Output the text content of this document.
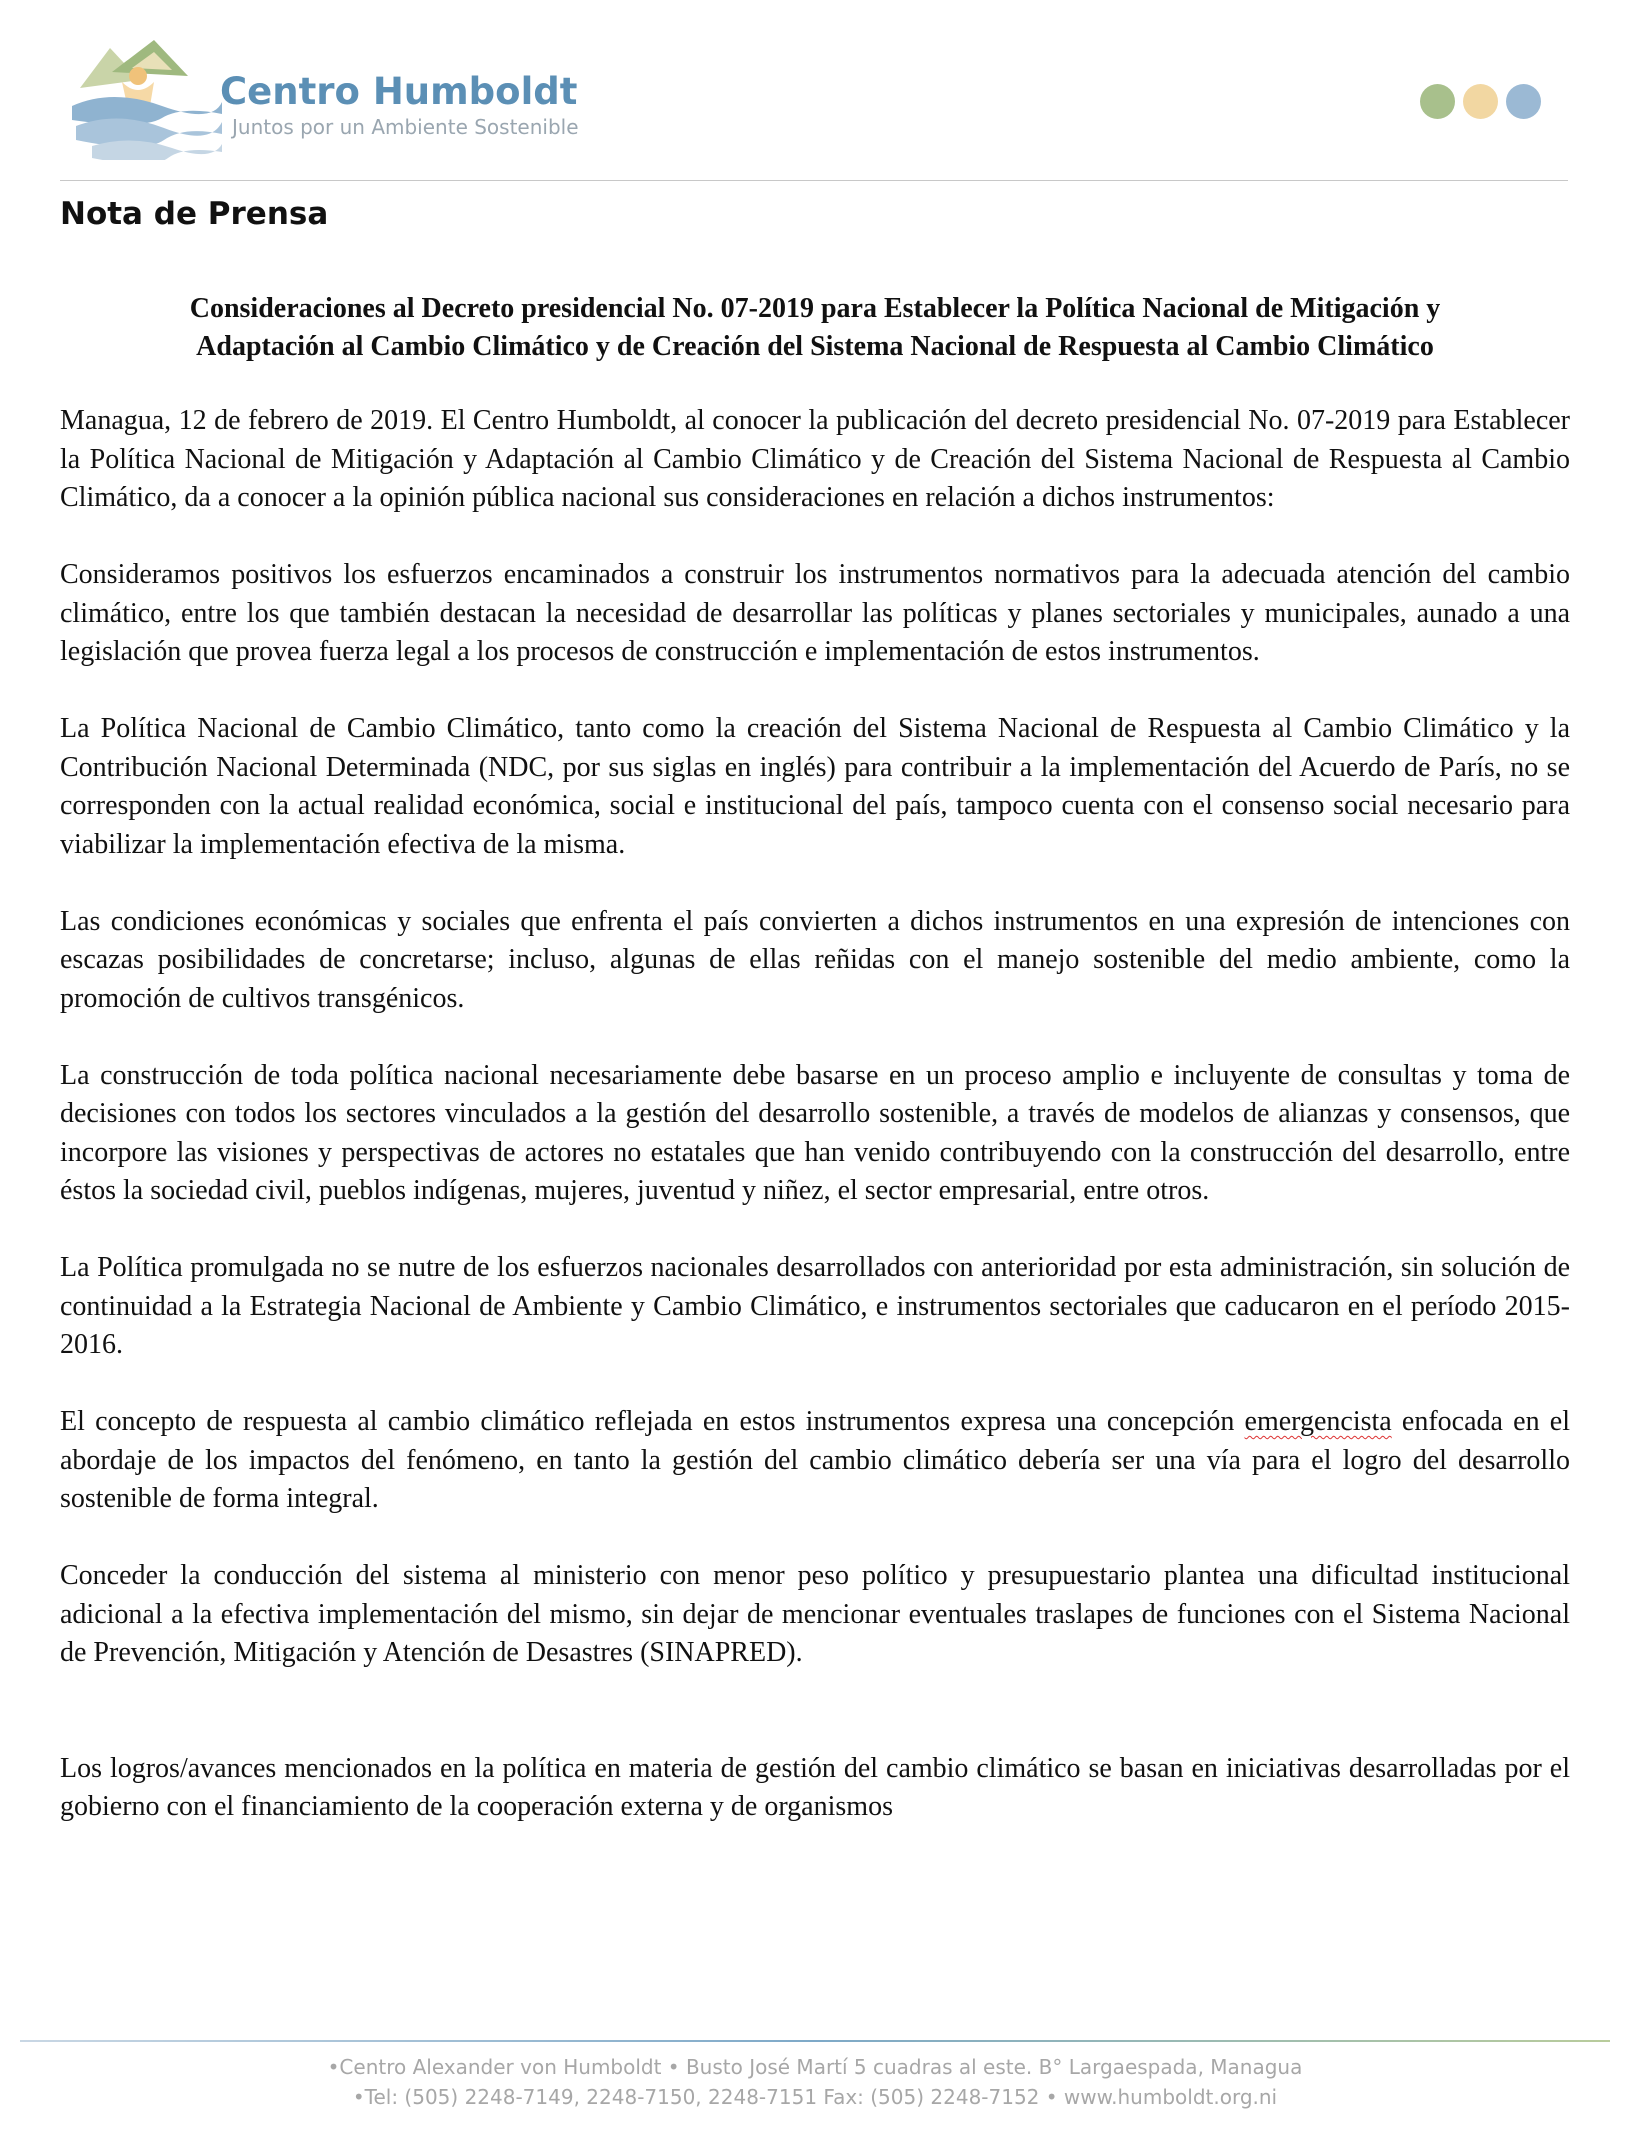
Centro Humboldt
Juntos por un Ambiente Sostenible
Nota de Prensa
Consideraciones al Decreto presidencial No. 07-2019 para Establecer la Política Nacional de Mitigación y
Adaptación al Cambio Climático y de Creación del Sistema Nacional de Respuesta al Cambio Climático

Managua, 12 de febrero de 2019. El Centro Humboldt, al conocer la publicación del decreto presidencial No. 07-2019 para Establecer la Política Nacional de Mitigación y Adaptación al Cambio Climático y de Creación del Sistema Nacional de Respuesta al Cambio Climático, da a conocer a la opinión pública nacional sus consideraciones en relación a dichos instrumentos:

Consideramos positivos los esfuerzos encaminados a construir los instrumentos normativos para la adecuada atención del cambio climático, entre los que también destacan la necesidad de desarrollar las políticas y planes sectoriales y municipales, aunado a una legislación que provea fuerza legal a los procesos de construcción e implementación de estos instrumentos.

La Política Nacional de Cambio Climático, tanto como la creación del Sistema Nacional de Respuesta al Cambio Climático y la Contribución Nacional Determinada (NDC, por sus siglas en inglés) para contribuir a la implementación del Acuerdo de París, no se corresponden con la actual realidad económica, social e institucional del país, tampoco cuenta con el consenso social necesario para viabilizar la implementación efectiva de la misma.

Las condiciones económicas y sociales que enfrenta el país convierten a dichos instrumentos en una expresión de intenciones con escazas posibilidades de concretarse; incluso, algunas de ellas reñidas con el manejo sostenible del medio ambiente, como la promoción de cultivos transgénicos.

La construcción de toda política nacional necesariamente debe basarse en un proceso amplio e incluyente de consultas y toma de decisiones con todos los sectores vinculados a la gestión del desarrollo sostenible, a través de modelos de alianzas y consensos, que incorpore las visiones y perspectivas de actores no estatales que han venido contribuyendo con la construcción del desarrollo, entre éstos la sociedad civil, pueblos indígenas, mujeres, juventud y niñez, el sector empresarial, entre otros.

La Política promulgada no se nutre de los esfuerzos nacionales desarrollados con anterioridad por esta administración, sin solución de continuidad a la Estrategia Nacional de Ambiente y Cambio Climático, e instrumentos sectoriales que caducaron en el período 2015-2016.

El concepto de respuesta al cambio climático reflejada en estos instrumentos expresa una concepción emergencista enfocada en el abordaje de los impactos del fenómeno, en tanto la gestión del cambio climático debería ser una vía para el logro del desarrollo sostenible de forma integral.

Conceder la conducción del sistema al ministerio con menor peso político y presupuestario plantea una dificultad institucional adicional a la efectiva implementación del mismo, sin dejar de mencionar eventuales traslapes de funciones con el Sistema Nacional de Prevención, Mitigación y Atención de Desastres (SINAPRED).

Los logros/avances mencionados en la política en materia de gestión del cambio climático se basan en iniciativas desarrolladas por el gobierno con el financiamiento de la cooperación externa y de organismos

•Centro Alexander von Humboldt • Busto José Martí 5 cuadras al este. B° Largaespada, Managua
•Tel: (505) 2248-7149, 2248-7150, 2248-7151 Fax: (505) 2248-7152 • www.humboldt.org.ni
